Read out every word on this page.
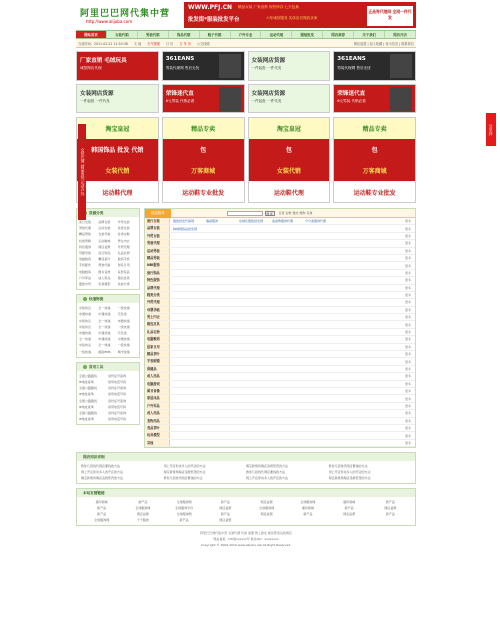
阿里巴巴网代集中营
http://www.alijuba.com
WWW.PFJ.CN 精品女装 厂家直供 现货库存 七天包换
批发街*服装批发平台	六年诚信服务 实体店仅网店卖家
正品券代理网 全网一件代发
网站首页	女装代销	男装代销	饰品代销	鞋子代销	户外专业	运动代理	服装批发	网店推荐	关于我们	网店开店
当前时间：2011-02-21 11:53:38 天 地 天气预报 日 历 万 年 历 公交线路	网店加盟 | 加入收藏 | 设为首页 | 联系我们
厂家直销 毛绒玩具
诚招网店代理
361EANS
男装代理网 售后无忧
女装网店货源
一件起批 一件代发
361EANS
男装代理网 售后无忧
女装网店货源
一件起批 一件代发
荣锋迷代直
6元男装 代销必看
女装网店货源
一件起批 一件代发
荣锋迷代直
6元男装 代销必看
淘宝皇冠
韩国饰品 批发 代销
女装代销
运动鞋代理
精品专卖
包
万客商城
运动鞋专业批发
淘宝皇冠
包
女装代销
运动鞋代理
精品专卖
包
万客商城
运动鞋专业批发
货源分类
流行女装	品牌女装	外贸女装
男装代理	运动女装	性感女装
精品男装	女装代销	时尚女鞋
时尚男鞋	运动鞋城	男女内衣
特色服饰	网店货源	外贸代理
母婴孕装	流行饰品	礼品礼物
电脑数码	精品茶叶	数码手机
手机配件	男装代销	居家日用
电脑数码	图书音像	家居床品
户外军品	成人用品	箱包皮具
服装外贸	玩具模型	其他分类
快速物流
中铁快运	全一快递	一统快递
申通快递	中通快递	宅急送
中铁快运	全一快递	申通快递
中铁快运	全一快递	一统快递
申通快递	中通快递	宅急送
全一快递	申通快递	中通快递
中铁快运	全一快递	一统快递
一统快递	邮政EMS	顺丰快递
常用工具
全国公路路线	身份证号查询
IP地址查询	常用电话号码
全国公路路线	身份证号查询
IP地址查询	常用电话号码
全国公路路线	身份证号查询
IP地址查询	常用电话号码
全国公路路线	身份证号查询
IP地址查询	常用电话号码
搜索服务	搜 索	百度 谷歌 雅虎 搜狗 有道
流行女装	服装批发代销网	瑞丽服饰	东城区服装批发网	美丽购服饰代理	分分美服饰代理	更多
品牌女装	韩城网络品批发网	更多
外贸女装	更多
男装代理	更多
运动男装	更多
精品男装	更多
NBI服饰	更多
流行饰品	更多
特色服饰	更多
品牌代理	更多
鞋类分类	更多
外贸代理	更多
母婴孕装	更多
男士内衣	更多
箱包皮具	更多
礼品礼物	更多
电脑数码	更多
居家日用	更多
精品茶叶	更多
手表眼镜	更多
保健品	更多
成人用品	更多
电脑游戏	更多
图书音像	更多
家居床品	更多
户外军品	更多
成人用品	更多
宠物用品	更多
食品茶叶	更多
玩具模型	更多
其他	更多
网店知识详细
教你几招找代网店要钱的方法	网上开店你该多人的开店的方法	淘宝新规局淘店违规惩罚的方法	教你几招找代网店要钱的方法
网上开店你该多人的开店的方法	淘宝新规局淘店违规惩罚的方法	教你几招找代网店要钱的方法	网上开店你该多人的开店的方法
淘宝新规局淘店违规惩罚的方法	教你几招找代网店要钱的方法	网上开店你该多人的开店的方法	淘宝新规局淘店违规惩罚的方法
本站友情链接
通印商城	新产品	全球服饰网	新产品	网店货源	全球服饰网	通印商城	新产品
新产品	全球服饰网	全球服饰平台	网店货源	全球服饰网	通印商城	新产品	网店货源
新产品	网店货源	全球服饰网	新产品	网店货源	新产品	网店货源	新产品
全球服饰网	千千服饰	新产品	网店货源
阿里巴巴网代集中营 女装代理 代销 加盟 网上批发 就是您身边的网店
网站备案：ICP备xxxxxx号 联系QQ：xxxxxxxx
Copyright © 2009-2010 www.alijuba.net All Right Reserved.
女装代理 精品男装 运动户外
分享到
